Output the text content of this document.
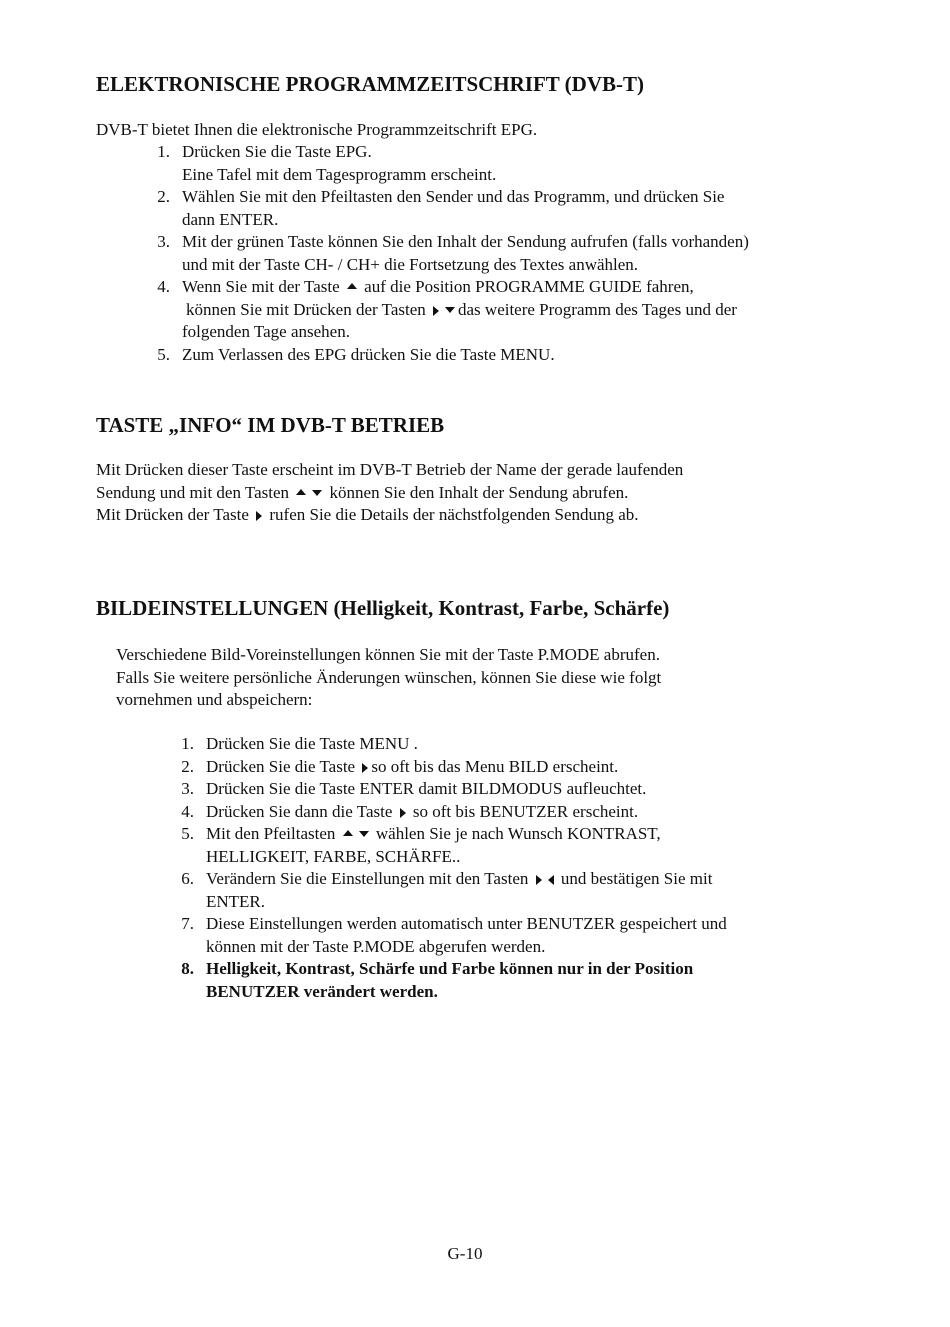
ELEKTRONISCHE PROGRAMMZEITSCHRIFT (DVB-T)
DVB-T bietet Ihnen die elektronische Programmzeitschrift EPG.
1. Drücken Sie die Taste EPG.
Eine Tafel mit dem Tagesprogramm erscheint.
2. Wählen Sie mit den Pfeiltasten den Sender und das Programm, und drücken Sie
dann ENTER.
3. Mit der grünen Taste können Sie den Inhalt der Sendung aufrufen (falls vorhanden)
und mit der Taste CH- / CH+ die Fortsetzung des Textes anwählen.
4. Wenn Sie mit der Taste auf die Position PROGRAMME GUIDE fahren,
können Sie mit Drücken der Tasten das weitere Programm des Tages und der
folgenden Tage ansehen.
5. Zum Verlassen des EPG drücken Sie die Taste MENU.
TASTE „INFO“ IM DVB-T BETRIEB
Mit Drücken dieser Taste erscheint im DVB-T Betrieb der Name der gerade laufenden
Sendung und mit den Tasten können Sie den Inhalt der Sendung abrufen.
Mit Drücken der Taste rufen Sie die Details der nächstfolgenden Sendung ab.
BILDEINSTELLUNGEN (Helligkeit, Kontrast, Farbe, Schärfe)
Verschiedene Bild-Voreinstellungen können Sie mit der Taste P.MODE abrufen.
Falls Sie weitere persönliche Änderungen wünschen, können Sie diese wie folgt
vornehmen und abspeichern:
1. Drücken Sie die Taste MENU .
2. Drücken Sie die Taste so oft bis das Menu BILD erscheint.
3. Drücken Sie die Taste ENTER damit BILDMODUS aufleuchtet.
4. Drücken Sie dann die Taste so oft bis BENUTZER erscheint.
5. Mit den Pfeiltasten wählen Sie je nach Wunsch KONTRAST,
HELLIGKEIT, FARBE, SCHÄRFE..
6. Verändern Sie die Einstellungen mit den Tasten und bestätigen Sie mit
ENTER.
7. Diese Einstellungen werden automatisch unter BENUTZER gespeichert und
können mit der Taste P.MODE abgerufen werden.
8. Helligkeit, Kontrast, Schärfe und Farbe können nur in der Position
BENUTZER verändert werden.
G-10
